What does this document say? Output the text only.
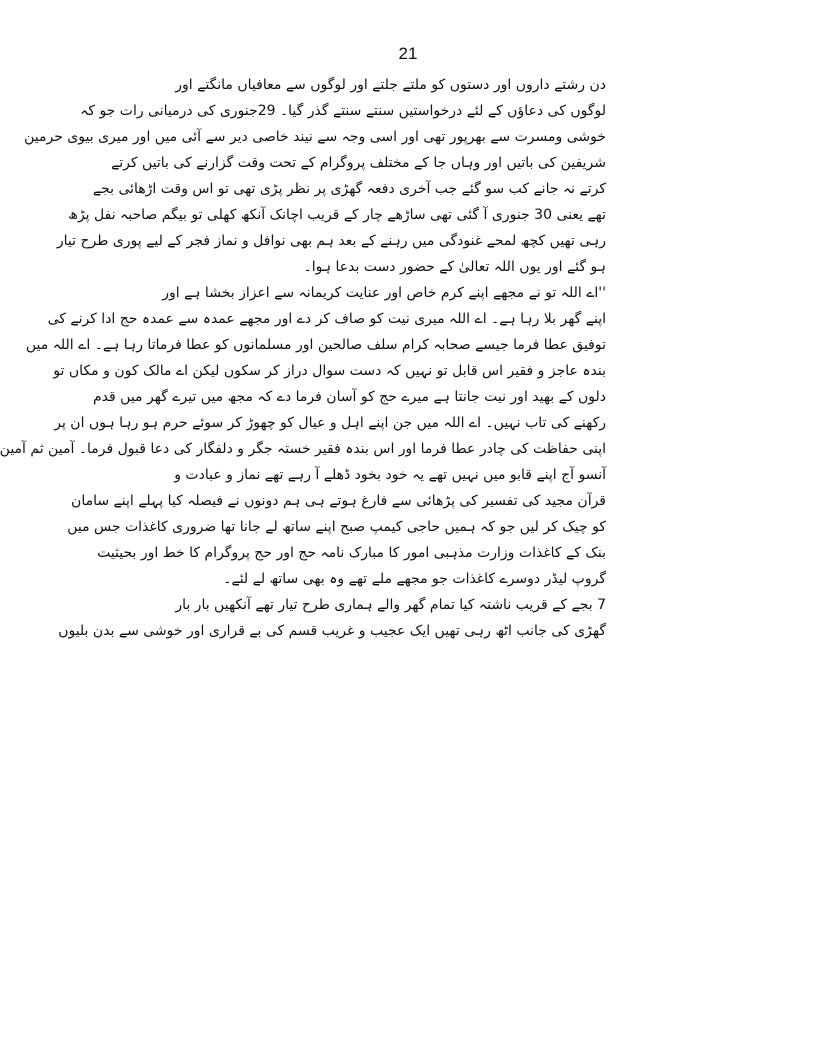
21
دن رشتے داروں اور دستوں کو ملتے جلتے اور لوگوں سے معافیاں مانگتے اور
لوگوں کی دعاؤں کے لئے درخواستیں سنتے سنتے گذر گیا۔ 29جنوری کی درمیانی رات جو کہ
خوشی ومسرت سے بھرپور تھی اور اسی وجہ سے نیند خاصی دیر سے آئی میں اور میری بیوی حرمین
شریفین کی باتیں اور وہاں جا کے مختلف پروگرام کے تحت وقت گزارنے کی باتیں کرتے
کرتے نہ جانے کب سو گئے جب آخری دفعہ گھڑی پر نظر پڑی تھی تو اس وقت اڑھائی بجے
تھے یعنی 30 جنوری آ گئی تھی ساڑھے چار کے قریب اچانک آنکھ کھلی تو بیگم صاحبہ نفل پڑھ
رہی تھیں کچھ لمحے غنودگی میں رہنے کے بعد ہم بھی نوافل و نماز فجر کے لیے پوری طرح تیار
ہو گئے اور یوں اللہ تعالیٰ کے حضور دست بدعا ہوا۔
''اے اللہ تو نے مجھے اپنے کرم خاص اور عنایت کریمانہ سے اعزاز بخشا ہے اور
اپنے گھر بلا رہا ہے۔ اے اللہ میری نیت کو صاف کر دے اور مجھے عمدہ سے عمدہ حج ادا کرنے کی
توفیق عطا فرما جیسے صحابہ کرام سلف صالحین اور مسلمانوں کو عطا فرماتا رہا ہے۔ اے اللہ میں
بندہ عاجز و فقیر اس قابل تو نہیں کہ دست سوال دراز کر سکوں لیکن اے مالک کون و مکاں تو
دلوں کے بھید اور نیت جانتا ہے میرے حج کو آسان فرما دے کہ مجھ میں تیرے گھر میں قدم
رکھنے کی تاب نہیں۔ اے اللہ میں جن اپنے اہل و عیال کو چھوڑ کر سوئے حرم ہو رہا ہوں ان پر
اپنی حفاظت کی چادر عطا فرما اور اس بندہ فقیر خستہ جگر و دلفگار کی دعا قبول فرما۔ آمین ثم آمین
آنسو آج اپنے قابو میں نہیں تھے یہ خود بخود ڈھلے آ رہے تھے نماز و عبادت و
قرآن مجید کی تفسیر کی پڑھائی سے فارغ ہوتے ہی ہم دونوں نے فیصلہ کیا پہلے اپنے سامان
کو چیک کر لیں جو کہ ہمیں حاجی کیمپ صبح اپنے ساتھ لے جانا تھا ضروری کاغذات جس میں
بنک کے کاغذات وزارت مذہبی امور کا مبارک نامہ حج اور حج پروگرام کا خط اور بحیثیت
گروپ لیڈر دوسرے کاغذات جو مجھے ملے تھے وہ بھی ساتھ لے لئے۔
7 بجے کے قریب ناشتہ کیا تمام گھر والے ہماری طرح تیار تھے آنکھیں بار بار
گھڑی کی جانب اٹھ رہی تھیں ایک عجیب و غریب قسم کی بے قراری اور خوشی سے بدن بلیوں
